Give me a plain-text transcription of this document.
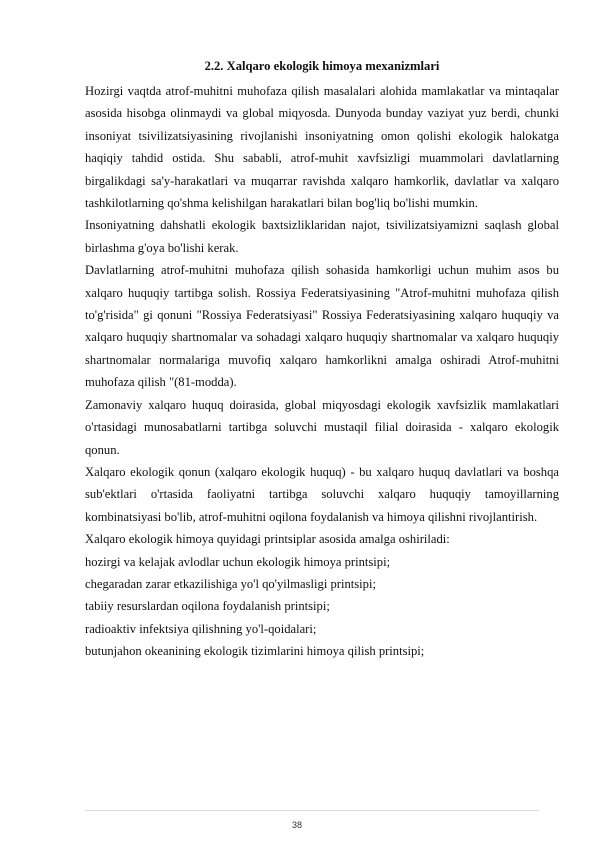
2.2. Xalqaro ekologik himoya mexanizmlari

Hozirgi vaqtda atrof-muhitni muhofaza qilish masalalari alohida mamlakatlar va mintaqalar asosida hisobga olinmaydi va global miqyosda. Dunyoda bunday vaziyat yuz berdi, chunki insoniyat tsivilizatsiyasining rivojlanishi insoniyatning omon qolishi ekologik halokatga haqiqiy tahdid ostida. Shu sababli, atrof-muhit xavfsizligi muammolari davlatlarning birgalikdagi sa'y-harakatlari va muqarrar ravishda xalqaro hamkorlik, davlatlar va xalqaro tashkilotlarning qo'shma kelishilgan harakatlari bilan bog'liq bo'lishi mumkin.

Insoniyatning dahshatli ekologik baxtsizliklaridan najot, tsivilizatsiyamizni saqlash global birlashma g'oya bo'lishi kerak.

Davlatlarning atrof-muhitni muhofaza qilish sohasida hamkorligi uchun muhim asos bu xalqaro huquqiy tartibga solish. Rossiya Federatsiyasining "Atrof-muhitni muhofaza qilish to'g'risida" gi qonuni "Rossiya Federatsiyasi" Rossiya Federatsiyasining xalqaro huquqiy va xalqaro huquqiy shartnomalar va sohadagi xalqaro huquqiy shartnomalar va xalqaro huquqiy shartnomalar normalariga muvofiq xalqaro hamkorlikni amalga oshiradi Atrof-muhitni muhofaza qilish "(81-modda).

Zamonaviy xalqaro huquq doirasida, global miqyosdagi ekologik xavfsizlik mamlakatlari o'rtasidagi munosabatlarni tartibga soluvchi mustaqil filial doirasida - xalqaro ekologik qonun.

Xalqaro ekologik qonun (xalqaro ekologik huquq) - bu xalqaro huquq davlatlari va boshqa sub'ektlari o'rtasida faoliyatni tartibga soluvchi xalqaro huquqiy tamoyillarning kombinatsiyasi bo'lib, atrof-muhitni oqilona foydalanish va himoya qilishni rivojlantirish.

Xalqaro ekologik himoya quyidagi printsiplar asosida amalga oshiriladi:

hozirgi va kelajak avlodlar uchun ekologik himoya printsipi;

chegaradan zarar etkazilishiga yo'l qo'yilmasligi printsipi;

tabiiy resurslardan oqilona foydalanish printsipi;

radioaktiv infektsiya qilishning yo'l-qoidalari;

butunjahon okeanining ekologik tizimlarini himoya qilish printsipi;

38
